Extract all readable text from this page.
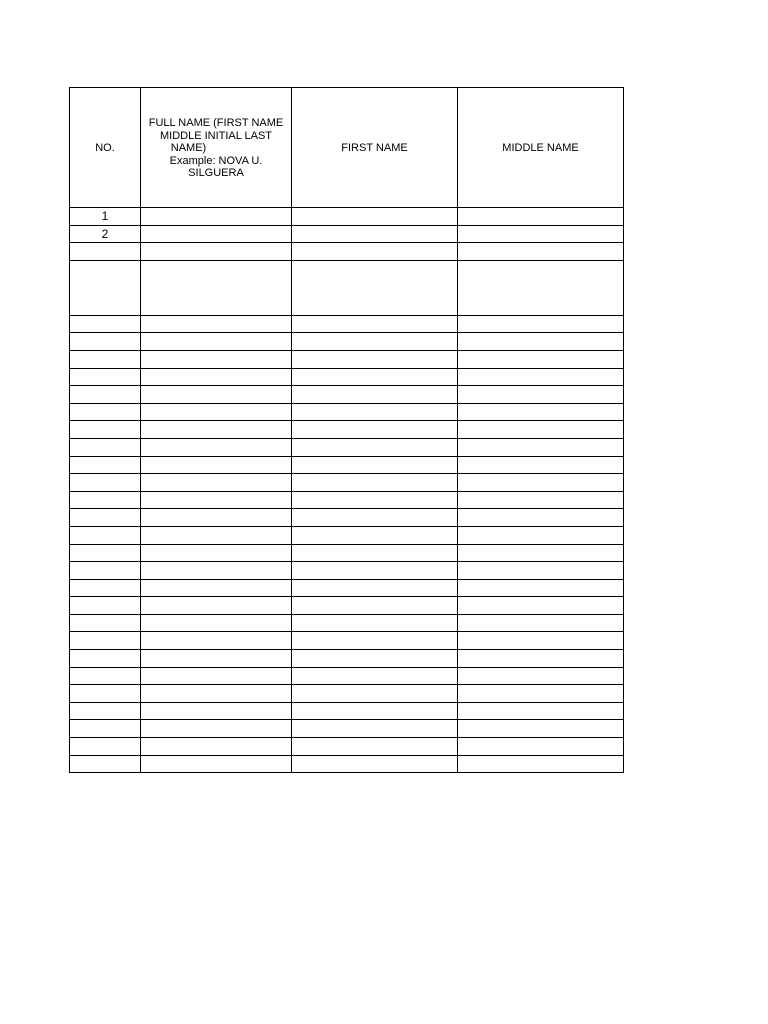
NO.	FULL NAME (FIRST NAME
MIDDLE INITIAL LAST
NAME)
Example: NOVA U.
SILGUERA	FIRST NAME	MIDDLE NAME
1			
2			
